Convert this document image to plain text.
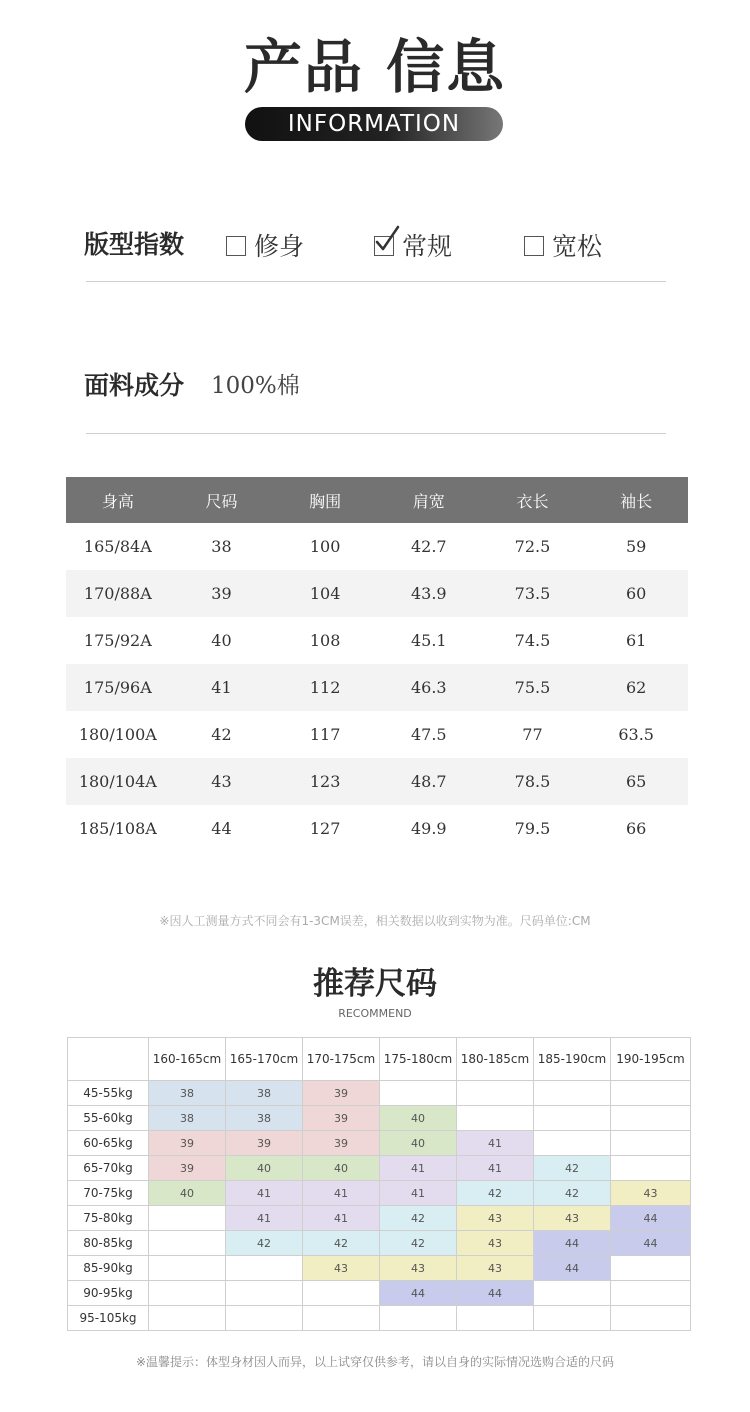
产品 信息
INFORMATION
版型指数	修身	常规	宽松
面料成分 100%棉
身高	尺码	胸围	肩宽	衣长	袖长
165/84A	38	100	42.7	72.5	59
170/88A	39	104	43.9	73.5	60
175/92A	40	108	45.1	74.5	61
175/96A	41	112	46.3	75.5	62
180/100A	42	117	47.5	77	63.5
180/104A	43	123	48.7	78.5	65
185/108A	44	127	49.9	79.5	66
※因人工测量方式不同会有1-3CM误差，相关数据以收到实物为准。尺码单位:CM
推荐尺码
RECOMMEND
	160-165cm	165-170cm	170-175cm	175-180cm	180-185cm	185-190cm	190-195cm
45-55kg	38	38	39				
55-60kg	38	38	39	40			
60-65kg	39	39	39	40	41		
65-70kg	39	40	40	41	41	42	
70-75kg	40	41	41	41	42	42	43
75-80kg		41	41	42	43	43	44
80-85kg		42	42	42	43	44	44
85-90kg			43	43	43	44	
90-95kg				44	44		
95-105kg							
※温馨提示：体型身材因人而异，以上试穿仅供参考，请以自身的实际情况选购合适的尺码
